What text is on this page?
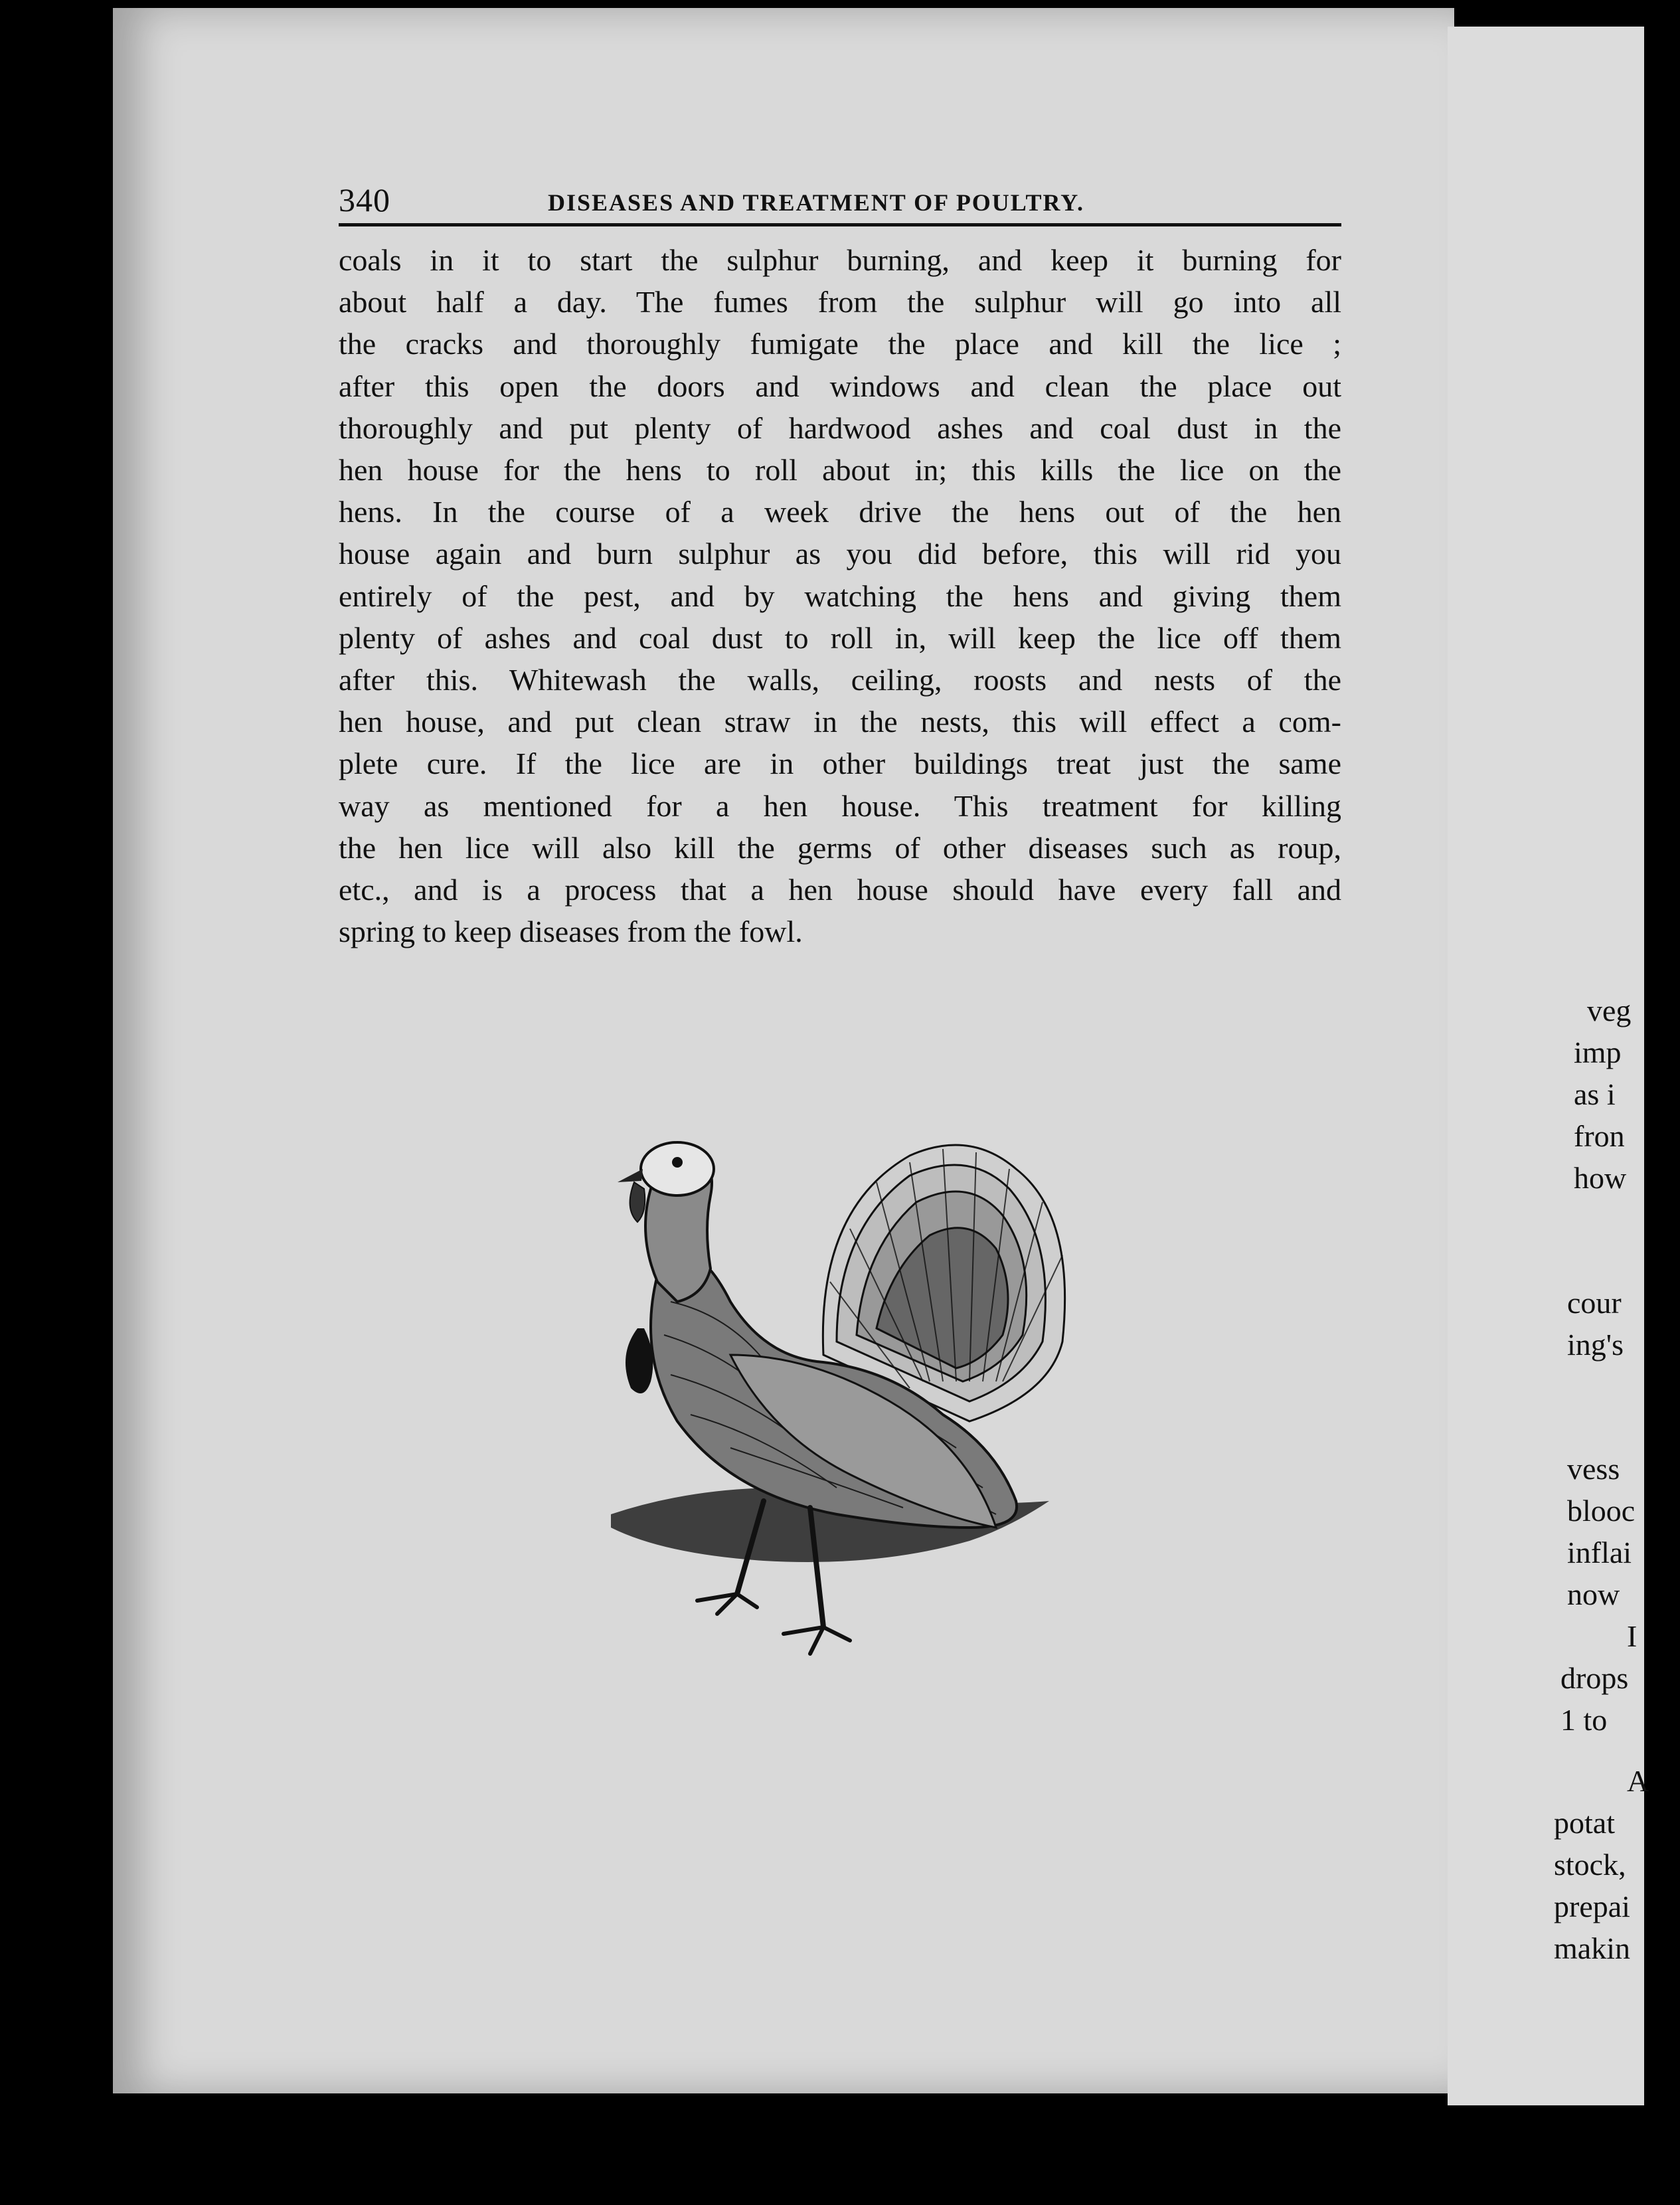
340	DISEASES AND TREATMENT OF POULTRY.
coals in it to start the sulphur burning, and keep it burning for
about half a day. The fumes from the sulphur will go into all
the cracks and thoroughly fumigate the place and kill the lice ;
after this open the doors and windows and clean the place out
thoroughly and put plenty of hardwood ashes and coal dust in the
hen house for the hens to roll about in; this kills the lice on the
hens. In the course of a week drive the hens out of the hen
house again and burn sulphur as you did before, this will rid you
entirely of the pest, and by watching the hens and giving them
plenty of ashes and coal dust to roll in, will keep the lice off them
after this. Whitewash the walls, ceiling, roosts and nests of the
hen house, and put clean straw in the nests, this will effect a com-
plete cure. If the lice are in other buildings treat just the same
way as mentioned for a hen house. This treatment for killing
the hen lice will also kill the germs of other diseases such as roup,
etc., and is a process that a hen house should have every fall and
spring to keep diseases from the fowl.
veg
imp
as i
fron
how
cour
ing's
vess
blooc
inflai
now
I
drops
1 to
A
potat
stock,
prepai
makin
